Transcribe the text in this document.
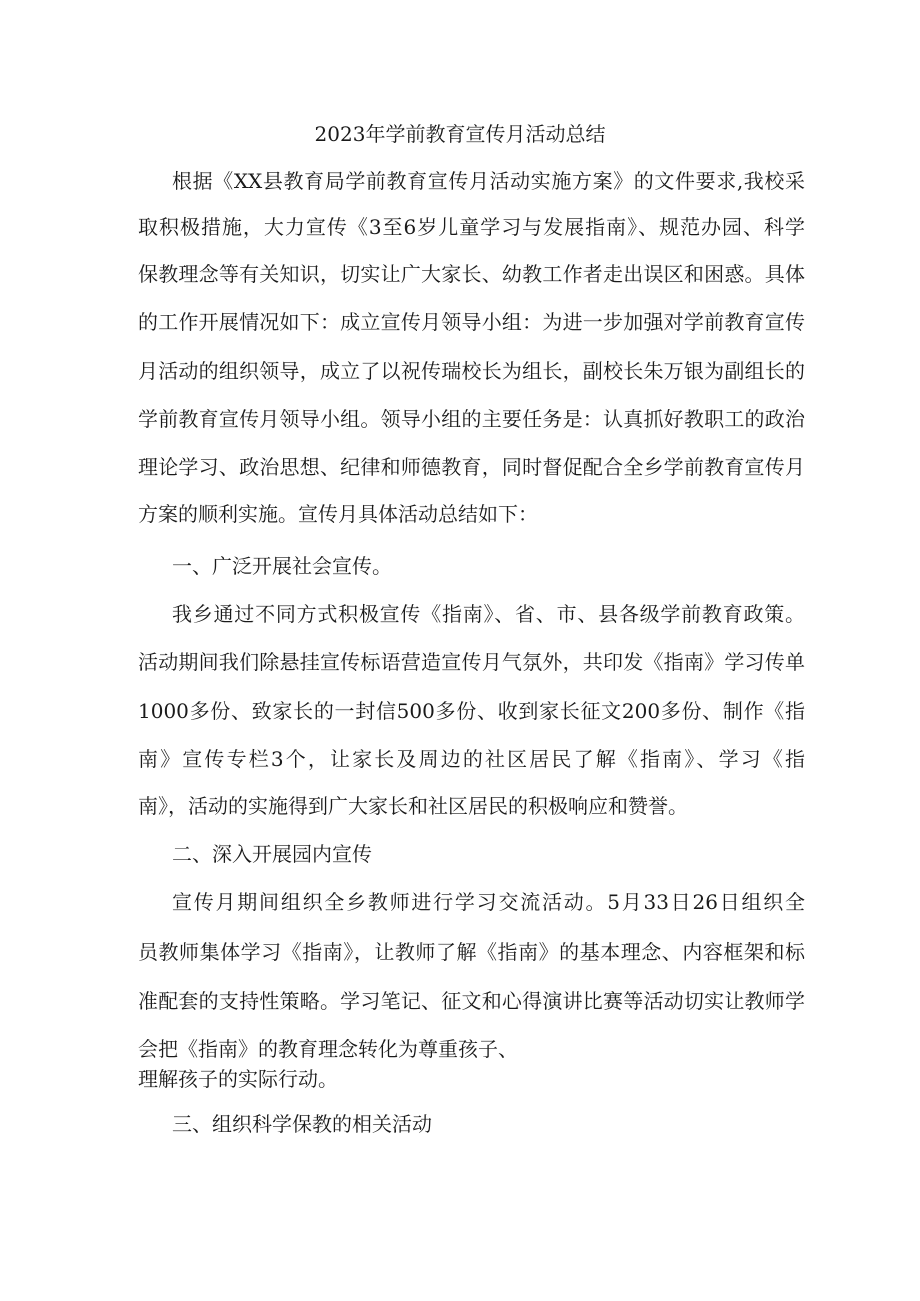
2023年学前教育宣传月活动总结
根据《XX县教育局学前教育宣传月活动实施方案》的文件要求,我校采
取积极措施，大力宣传《3至6岁儿童学习与发展指南》、规范办园、科学
保教理念等有关知识，切实让广大家长、幼教工作者走出误区和困惑。具体
的工作开展情况如下：成立宣传月领导小组：为进一步加强对学前教育宣传
月活动的组织领导，成立了以祝传瑞校长为组长，副校长朱万银为副组长的
学前教育宣传月领导小组。领导小组的主要任务是：认真抓好教职工的政治
理论学习、政治思想、纪律和师德教育，同时督促配合全乡学前教育宣传月
方案的顺利实施。宣传月具体活动总结如下：
一、广泛开展社会宣传。
我乡通过不同方式积极宣传《指南》、省、市、县各级学前教育政策。
活动期间我们除悬挂宣传标语营造宣传月气氛外，共印发《指南》学习传单
1000多份、致家长的一封信500多份、收到家长征文200多份、制作《指
南》宣传专栏3个，让家长及周边的社区居民了解《指南》、学习《指
南》，活动的实施得到广大家长和社区居民的积极响应和赞誉。
二、深入开展园内宣传
宣传月期间组织全乡教师进行学习交流活动。5月33日26日组织全
员教师集体学习《指南》，让教师了解《指南》的基本理念、内容框架和标
准配套的支持性策略。学习笔记、征文和心得演讲比赛等活动切实让教师学
会把《指南》的教育理念转化为尊重孩子、
理解孩子的实际行动。
三、组织科学保教的相关活动
